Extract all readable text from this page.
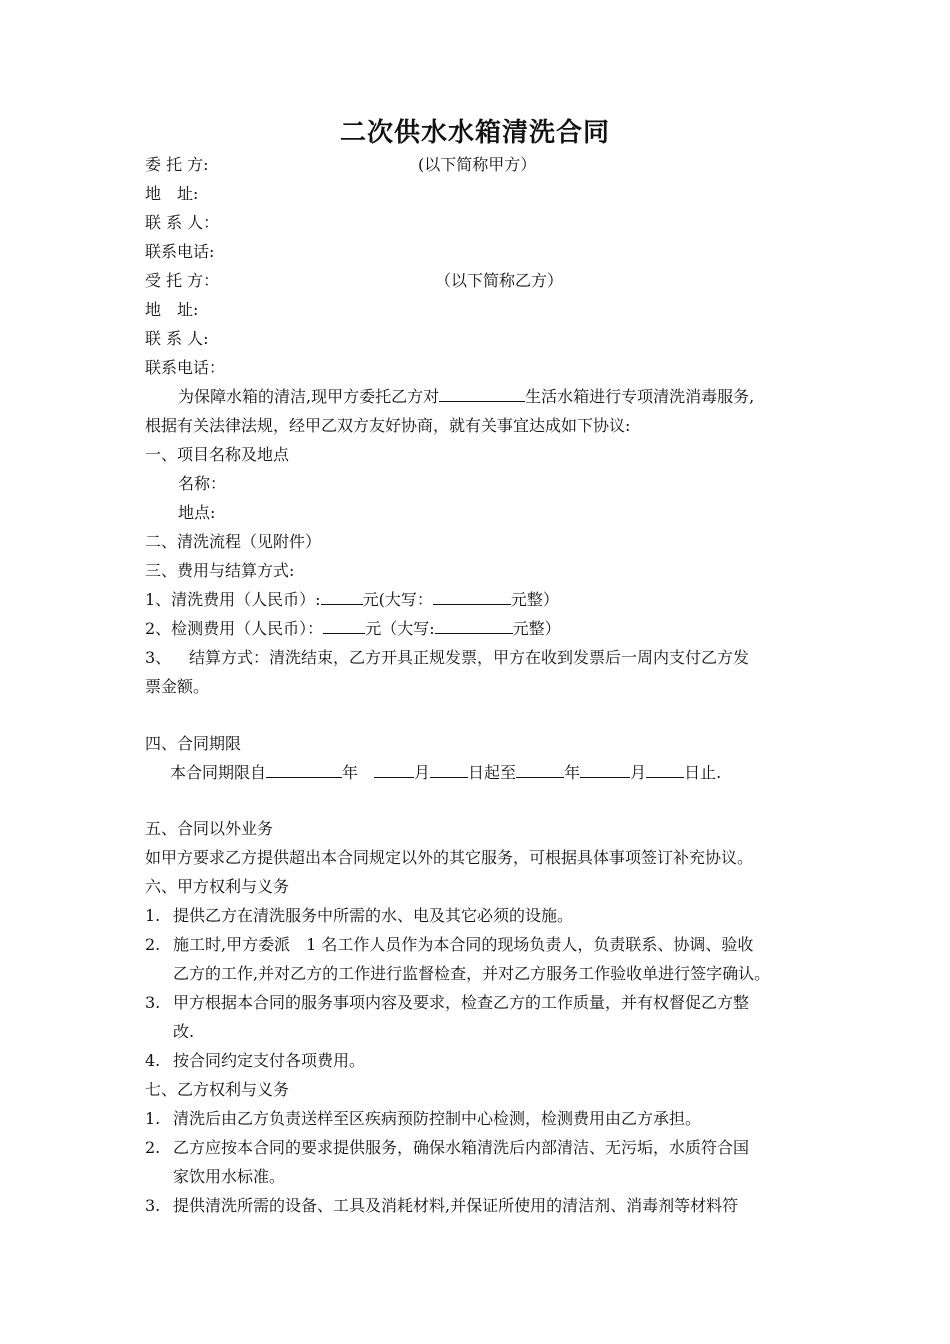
二次供水水箱清洗合同
委 托 方:	(以下简称甲方）
地　址:
联 系 人：
联系电话:
受 托 方：	（以下简称乙方）
地　址:
联 系 人:
联系电话：
为保障水箱的清洁,现甲方委托乙方对	生活水箱进行专项清洗消毒服务,
根据有关法律法规，经甲乙双方友好协商，就有关事宜达成如下协议:
一、项目名称及地点
名称：
地点:
二、清洗流程（见附件）
三、费用与结算方式:
1、清洗费用（人民币）:	元(大写：	元整）
2、检测费用（人民币）：	元（大写:	元整）
3、 结算方式：清洗结束，乙方开具正规发票，甲方在收到发票后一周内支付乙方发
票金额。
四、合同期限
本合同期限自	年	月 日起至	年	月 日止.
五、合同以外业务
如甲方要求乙方提供超出本合同规定以外的其它服务，可根据具体事项签订补充协议。
六、甲方权利与义务
1. 提供乙方在清洗服务中所需的水、电及其它必须的设施。
2. 施工时,甲方委派　1 名工作人员作为本合同的现场负责人，负责联系、协调、验收
乙方的工作,并对乙方的工作进行监督检查，并对乙方服务工作验收单进行签字确认。
3. 甲方根据本合同的服务事项内容及要求，检查乙方的工作质量，并有权督促乙方整
改.
4. 按合同约定支付各项费用。
七、乙方权利与义务
1. 清洗后由乙方负责送样至区疾病预防控制中心检测，检测费用由乙方承担。
2. 乙方应按本合同的要求提供服务，确保水箱清洗后内部清洁、无污垢，水质符合国
家饮用水标准。
3. 提供清洗所需的设备、工具及消耗材料,并保证所使用的清洁剂、消毒剂等材料符
